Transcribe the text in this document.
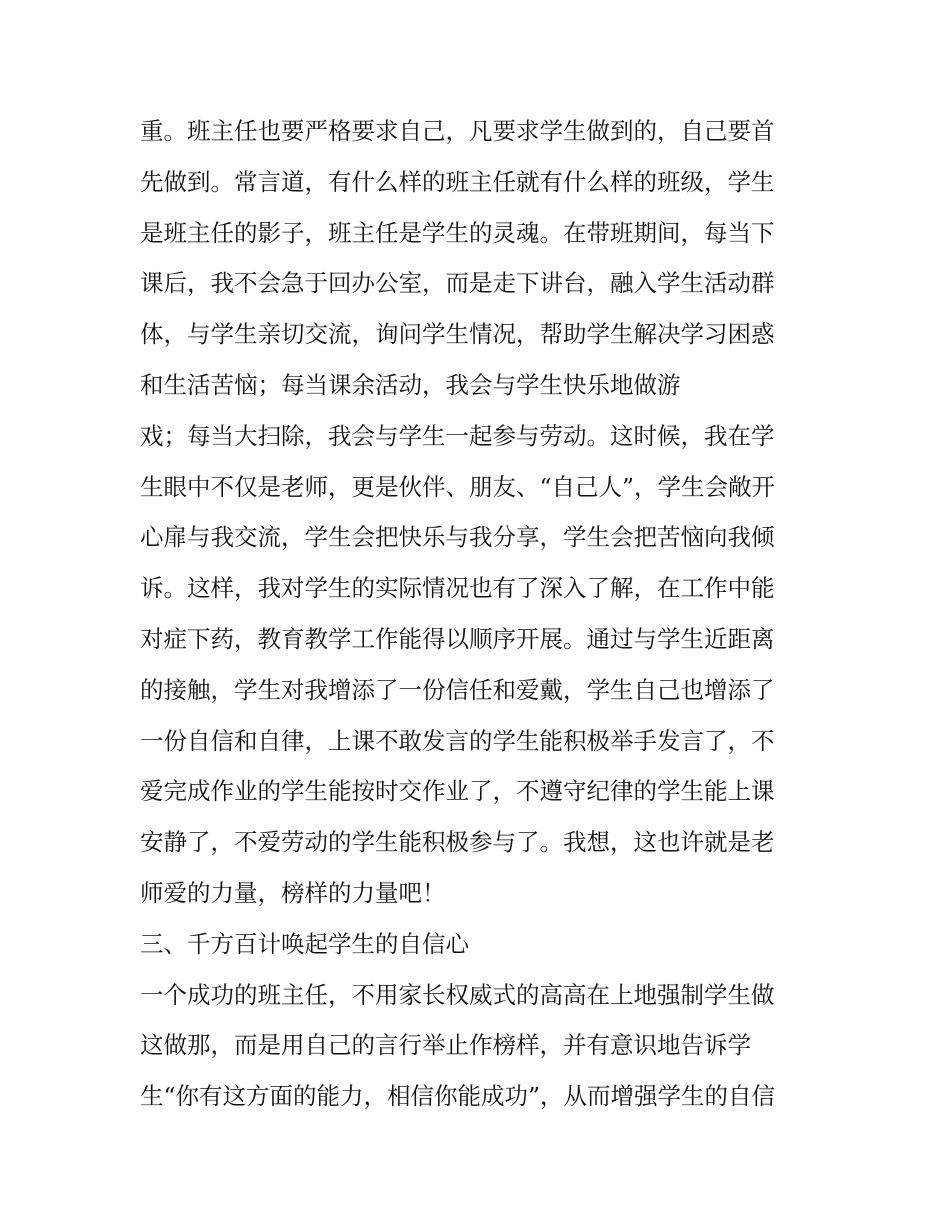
重。班主任也要严格要求自己，凡要求学生做到的，自己要首
先做到。常言道，有什么样的班主任就有什么样的班级，学生
是班主任的影子，班主任是学生的灵魂。在带班期间，每当下
课后，我不会急于回办公室，而是走下讲台，融入学生活动群
体，与学生亲切交流，询问学生情况，帮助学生解决学习困惑
和生活苦恼；每当课余活动，我会与学生快乐地做游
戏；每当大扫除，我会与学生一起参与劳动。这时候，我在学
生眼中不仅是老师，更是伙伴、朋友、“自己人”，学生会敞开
心扉与我交流，学生会把快乐与我分享，学生会把苦恼向我倾
诉。这样，我对学生的实际情况也有了深入了解，在工作中能
对症下药，教育教学工作能得以顺序开展。通过与学生近距离
的接触，学生对我增添了一份信任和爱戴，学生自己也增添了
一份自信和自律，上课不敢发言的学生能积极举手发言了，不
爱完成作业的学生能按时交作业了，不遵守纪律的学生能上课
安静了，不爱劳动的学生能积极参与了。我想，这也许就是老
师爱的力量，榜样的力量吧！
三、千方百计唤起学生的自信心
一个成功的班主任，不用家长权威式的高高在上地强制学生做
这做那，而是用自己的言行举止作榜样，并有意识地告诉学
生“你有这方面的能力，相信你能成功”，从而增强学生的自信
